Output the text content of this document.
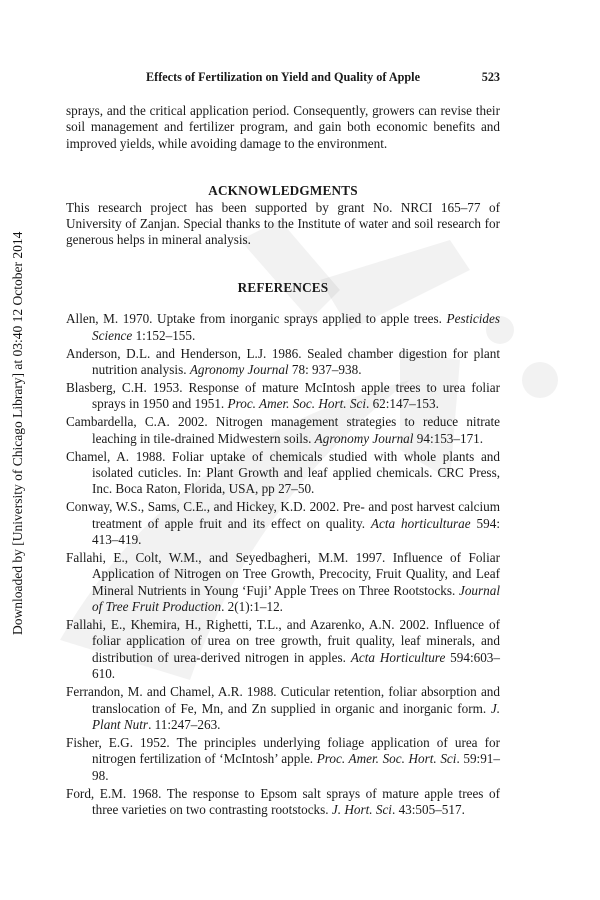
Downloaded by [University of Chicago Library] at 03:40 12 October 2014
Effects of Fertilization on Yield and Quality of Apple	523

sprays, and the critical application period. Consequently, growers can revise their soil management and fertilizer program, and gain both economic benefits and improved yields, while avoiding damage to the environment.

ACKNOWLEDGMENTS

This research project has been supported by grant No. NRCI 165–77 of University of Zanjan. Special thanks to the Institute of water and soil research for generous helps in mineral analysis.

REFERENCES
Allen, M. 1970. Uptake from inorganic sprays applied to apple trees. Pesticides Science 1:152–155.
Anderson, D.L. and Henderson, L.J. 1986. Sealed chamber digestion for plant nutrition analysis. Agronomy Journal 78: 937–938.
Blasberg, C.H. 1953. Response of mature McIntosh apple trees to urea foliar sprays in 1950 and 1951. Proc. Amer. Soc. Hort. Sci. 62:147–153.
Cambardella, C.A. 2002. Nitrogen management strategies to reduce nitrate leaching in tile-drained Midwestern soils. Agronomy Journal 94:153–171.
Chamel, A. 1988. Foliar uptake of chemicals studied with whole plants and isolated cuticles. In: Plant Growth and leaf applied chemicals. CRC Press, Inc. Boca Raton, Florida, USA, pp 27–50.
Conway, W.S., Sams, C.E., and Hickey, K.D. 2002. Pre- and post harvest calcium treatment of apple fruit and its effect on quality. Acta horticulturae 594: 413–419.
Fallahi, E., Colt, W.M., and Seyedbagheri, M.M. 1997. Influence of Foliar Application of Nitrogen on Tree Growth, Precocity, Fruit Quality, and Leaf Mineral Nutrients in Young ‘Fuji’ Apple Trees on Three Rootstocks. Journal of Tree Fruit Production. 2(1):1–12.
Fallahi, E., Khemira, H., Righetti, T.L., and Azarenko, A.N. 2002. Influence of foliar application of urea on tree growth, fruit quality, leaf minerals, and distribution of urea-derived nitrogen in apples. Acta Horticulture 594:603–610.
Ferrandon, M. and Chamel, A.R. 1988. Cuticular retention, foliar absorption and translocation of Fe, Mn, and Zn supplied in organic and inorganic form. J. Plant Nutr. 11:247–263.
Fisher, E.G. 1952. The principles underlying foliage application of urea for nitrogen fertilization of ‘McIntosh’ apple. Proc. Amer. Soc. Hort. Sci. 59:91–98.
Ford, E.M. 1968. The response to Epsom salt sprays of mature apple trees of three varieties on two contrasting rootstocks. J. Hort. Sci. 43:505–517.
